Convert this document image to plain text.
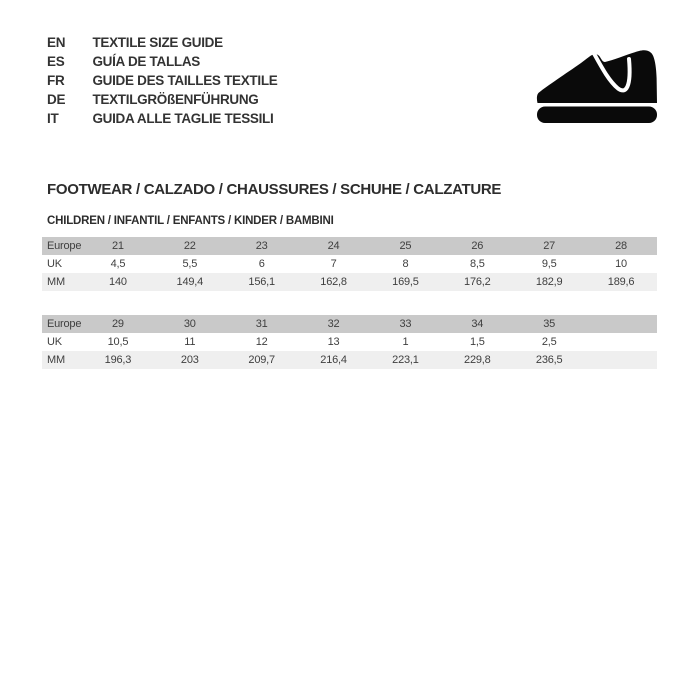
EN TEXTILE SIZE GUIDE
ES GUÍA DE TALLAS
FR GUIDE DES TAILLES TEXTILE
DE TEXTILGRÖßENFÜHRUNG
IT	GUIDA ALLE TAGLIE TESSILI
FOOTWEAR / CALZADO / CHAUSSURES / SCHUHE / CALZATURE
CHILDREN / INFANTIL / ENFANTS / KINDER / BAMBINI
Europe	21	22	23	24	25	26	27	28
UK	4,5	5,5	6	7	8	8,5	9,5	10
MM	140	149,4	156,1	162,8	169,5	176,2	182,9	189,6
Europe	29	30	31	32	33	34	35	
UK	10,5	11	12	13	1	1,5	2,5	
MM	196,3	203	209,7	216,4	223,1	229,8	236,5	
